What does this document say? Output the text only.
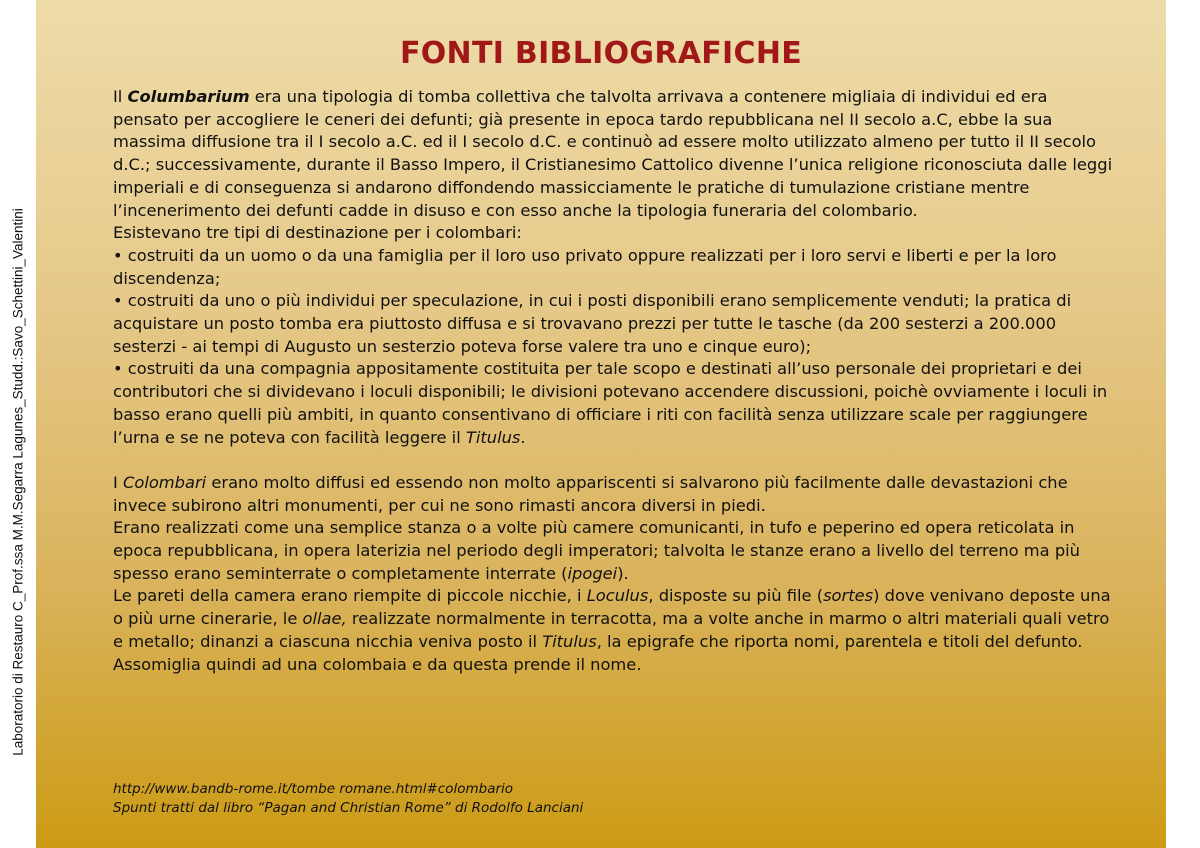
Laboratorio di Restauro C_Prof.ssa M.M.Segarra Lagunes_Studd.:Savo_Schettini_Valentini
FONTI BIBLIOGRAFICHE

Il Columbarium era una tipologia di tomba collettiva che talvolta arrivava a contenere migliaia di individui ed era pensato per accogliere le ceneri dei defunti; già presente in epoca tardo repubblicana nel II secolo a.C, ebbe la sua massima diffusione tra il I secolo a.C. ed il I secolo d.C. e continuò ad essere molto utilizzato almeno per tutto il II secolo d.C.; successivamente, durante il Basso Impero, il Cristianesimo Cattolico divenne l’unica religione riconosciuta dalle leggi imperiali e di conseguenza si andarono diffondendo massicciamente le pratiche di tumulazione cristiane mentre l’incenerimento dei defunti cadde in disuso e con esso anche la tipologia funeraria del colombario.

Esistevano tre tipi di destinazione per i colombari:

• costruiti da un uomo o da una famiglia per il loro uso privato oppure realizzati per i loro servi e liberti e per la loro discendenza;

• costruiti da uno o più individui per speculazione, in cui i posti disponibili erano semplicemente venduti; la pratica di acquistare un posto tomba era piuttosto diffusa e si trovavano prezzi per tutte le tasche (da 200 sesterzi a 200.000 sesterzi - ai tempi di Augusto un sesterzio poteva forse valere tra uno e cinque euro);

• costruiti da una compagnia appositamente costituita per tale scopo e destinati all’uso personale dei proprietari e dei contributori che si dividevano i loculi disponibili; le divisioni potevano accendere discussioni, poichè ovviamente i loculi in basso erano quelli più ambiti, in quanto consentivano di officiare i riti con facilità senza utilizzare scale per raggiungere l’urna e se ne poteva con facilità leggere il Titulus.

I Colombari erano molto diffusi ed essendo non molto appariscenti si salvarono più facilmente dalle devastazioni che invece subirono altri monumenti, per cui ne sono rimasti ancora diversi in piedi.

Erano realizzati come una semplice stanza o a volte più camere comunicanti, in tufo e peperino ed opera reticolata in epoca repubblicana, in opera laterizia nel periodo degli imperatori; talvolta le stanze erano a livello del terreno ma più spesso erano seminterrate o completamente interrate (ipogei).

Le pareti della camera erano riempite di piccole nicchie, i Loculus, disposte su più file (sortes) dove venivano deposte una o più urne cinerarie, le ollae, realizzate normalmente in terracotta, ma a volte anche in marmo o altri materiali quali vetro e metallo; dinanzi a ciascuna nicchia veniva posto il Titulus, la epigrafe che riporta nomi, parentela e titoli del defunto.

Assomiglia quindi ad una colombaia e da questa prende il nome.

http://www.bandb-rome.it/tombe romane.html#colombario
Spunti tratti dal libro “Pagan and Christian Rome” di Rodolfo Lanciani
